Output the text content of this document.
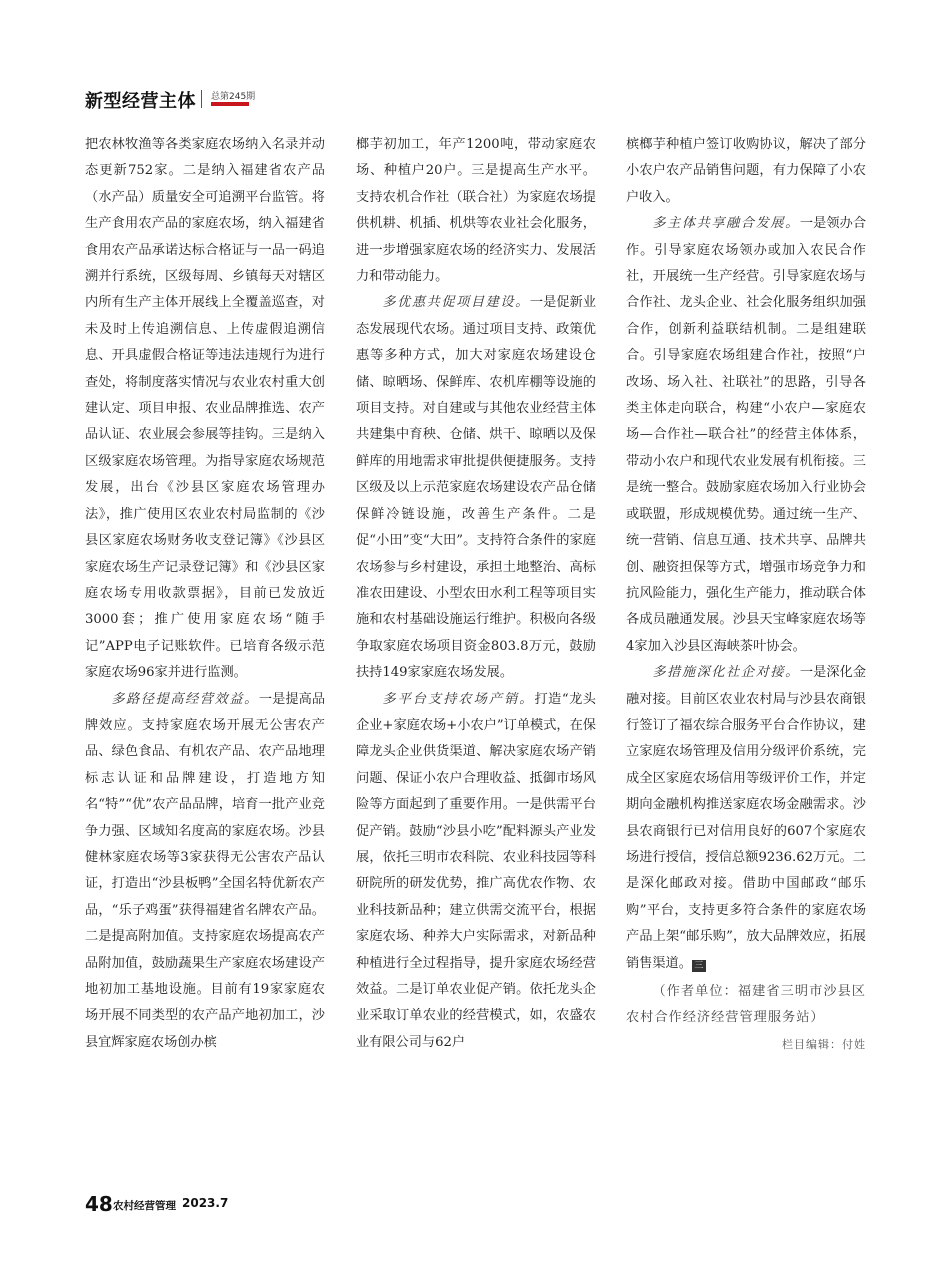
新型经营主体 总第245期

把农林牧渔等各类家庭农场纳入名录并动态更新752家。二是纳入福建省农产品（水产品）质量安全可追溯平台监管。将生产食用农产品的家庭农场，纳入福建省食用农产品承诺达标合格证与一品一码追溯并行系统，区级每周、乡镇每天对辖区内所有生产主体开展线上全覆盖巡查，对未及时上传追溯信息、上传虚假追溯信息、开具虚假合格证等违法违规行为进行查处，将制度落实情况与农业农村重大创建认定、项目申报、农业品牌推选、农产品认证、农业展会参展等挂钩。三是纳入区级家庭农场管理。为指导家庭农场规范发展，出台《沙县区家庭农场管理办法》，推广使用区农业农村局监制的《沙县区家庭农场财务收支登记簿》《沙县区家庭农场生产记录登记簿》和《沙县区家庭农场专用收款票据》，目前已发放近3000套；推广使用家庭农场“随手记”APP电子记账软件。已培育各级示范家庭农场96家并进行监测。

多路径提高经营效益。一是提高品牌效应。支持家庭农场开展无公害农产品、绿色食品、有机农产品、农产品地理标志认证和品牌建设，打造地方知名“特”“优”农产品品牌，培育一批产业竞争力强、区域知名度高的家庭农场。沙县健林家庭农场等3家获得无公害农产品认证，打造出“沙县板鸭”全国名特优新农产品，“乐子鸡蛋”获得福建省名牌农产品。二是提高附加值。支持家庭农场提高农产品附加值，鼓励蔬果生产家庭农场建设产地初加工基地设施。目前有19家家庭农场开展不同类型的农产品产地初加工，沙县宜辉家庭农场创办槟

榔芋初加工，年产1200吨，带动家庭农场、种植户20户。三是提高生产水平。支持农机合作社（联合社）为家庭农场提供机耕、机插、机烘等农业社会化服务，进一步增强家庭农场的经济实力、发展活力和带动能力。

多优惠共促项目建设。一是促新业态发展现代农场。通过项目支持、政策优惠等多种方式，加大对家庭农场建设仓储、晾晒场、保鲜库、农机库棚等设施的项目支持。对自建或与其他农业经营主体共建集中育秧、仓储、烘干、晾晒以及保鲜库的用地需求审批提供便捷服务。支持区级及以上示范家庭农场建设农产品仓储保鲜冷链设施，改善生产条件。二是促“小田”变“大田”。支持符合条件的家庭农场参与乡村建设，承担土地整治、高标准农田建设、小型农田水利工程等项目实施和农村基础设施运行维护。积极向各级争取家庭农场项目资金803.8万元，鼓励扶持149家家庭农场发展。

多平台支持农场产销。打造“龙头企业+家庭农场+小农户”订单模式，在保障龙头企业供货渠道、解决家庭农场产销问题、保证小农户合理收益、抵御市场风险等方面起到了重要作用。一是供需平台促产销。鼓励“沙县小吃”配料源头产业发展，依托三明市农科院、农业科技园等科研院所的研发优势，推广高优农作物、农业科技新品种；建立供需交流平台，根据家庭农场、种养大户实际需求，对新品种种植进行全过程指导，提升家庭农场经营效益。二是订单农业促产销。依托龙头企业采取订单农业的经营模式，如，农盛农业有限公司与62户

槟榔芋种植户签订收购协议，解决了部分小农户农产品销售问题，有力保障了小农户收入。

多主体共享融合发展。一是领办合作。引导家庭农场领办或加入农民合作社，开展统一生产经营。引导家庭农场与合作社、龙头企业、社会化服务组织加强合作，创新利益联结机制。二是组建联合。引导家庭农场组建合作社，按照“户改场、场入社、社联社”的思路，引导各类主体走向联合，构建“小农户—家庭农场—合作社—联合社”的经营主体体系，带动小农户和现代农业发展有机衔接。三是统一整合。鼓励家庭农场加入行业协会或联盟，形成规模优势。通过统一生产、统一营销、信息互通、技术共享、品牌共创、融资担保等方式，增强市场竞争力和抗风险能力，强化生产能力，推动联合体各成员融通发展。沙县天宝峰家庭农场等4家加入沙县区海峡茶叶协会。

多措施深化社企对接。一是深化金融对接。目前区农业农村局与沙县农商银行签订了福农综合服务平台合作协议，建立家庭农场管理及信用分级评价系统，完成全区家庭农场信用等级评价工作，并定期向金融机构推送家庭农场金融需求。沙县农商银行已对信用良好的607个家庭农场进行授信，授信总额9236.62万元。二是深化邮政对接。借助中国邮政“邮乐购”平台，支持更多符合条件的家庭农场产品上架“邮乐购”，放大品牌效应，拓展销售渠道。 三

（作者单位：福建省三明市沙县区农村合作经济经营管理服务站）

栏目编辑：付姓
48 农村经营管理 2023.7
